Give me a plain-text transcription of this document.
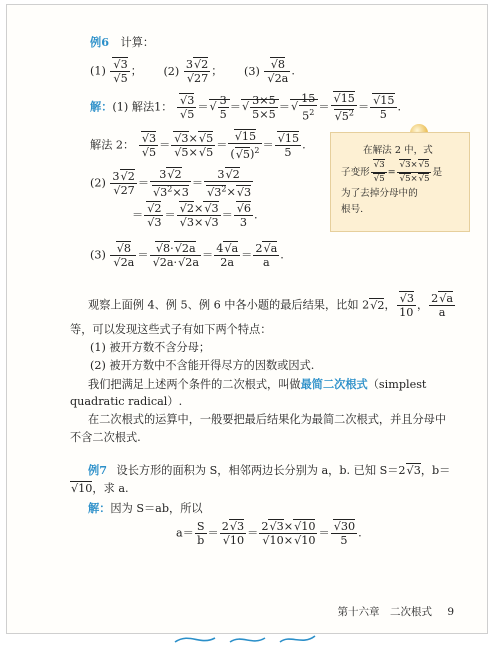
例6 计算：
(1)
√ 3
√ 5 ； (2) 3√ 2
√ 27 ； (3)
√ 8
√ 2a .
解：(1) 解法1：
√ 3
√ 5 ＝
√ $\frac{3}{5}$ ＝
√ $\frac{3\times 5}{5\times 5}$ ＝
√ $\frac{15}{5^2}$ ＝
√ 15
√ $5^2$ ＝
√ $\frac{15}{5}$ .
解法 2：
√ 3
√ 5 ＝
√ 3×√ 5
√ 5×√ 5 ＝
√ $\frac{15}{(√ 5)^2}$ ＝
√ $\frac{15}{5}$ .
(2) 3√ 2
√ 27 ＝ 3√ 2
√ $3^2\times 3 = 3√$ 2
√ $3^2\times√$ 3
＝
√ 2
√ 3 ＝
√ 2×√ 3
√ 3×√ 3 ＝
√ $\frac{6}{3}$ .
(3)
√ 8
√ 2a ＝
√ 8·√ 2a
√ 2a·√ $2a = \frac{4√ a}{2a} = \frac{2√ a}{a}$ .
在解法 2 中，式
子变形
√ 3
√ 5 =
√ 3×√ 5
√ 5×√ 5 是
为了去掉分母中的
根号.
观察上面例 4、例 5、例 6 中各小题的最后结果，比如 2√ 2，
√ $\frac{3}{10}$ ， $\frac{2√ a}{a}$
等，可以发现这些式子有如下两个特点：
(1) 被开方数不含分母；
(2) 被开方数中不含能开得尽方的因数或因式.
我们把满足上述两个条件的二次根式，叫做最简二次根式（simplest
quadratic radical）.
在二次根式的运算中，一般要把最后结果化为最简二次根式，并且分母中
不含二次根式.
例7 设长方形的面积为 S，相邻两边长分别为 a，b. 已知 S＝2√ 3，b＝
√ 10，求 a.
解：因为 S＝ab，所以
$a= \frac{S}{b} = 2√$ 3
√ 10 ＝ 2√ 3×√ 10
√ 10×√ 10 ＝
√ $\frac{30}{5}$ .
第十六章　二次根式 9
